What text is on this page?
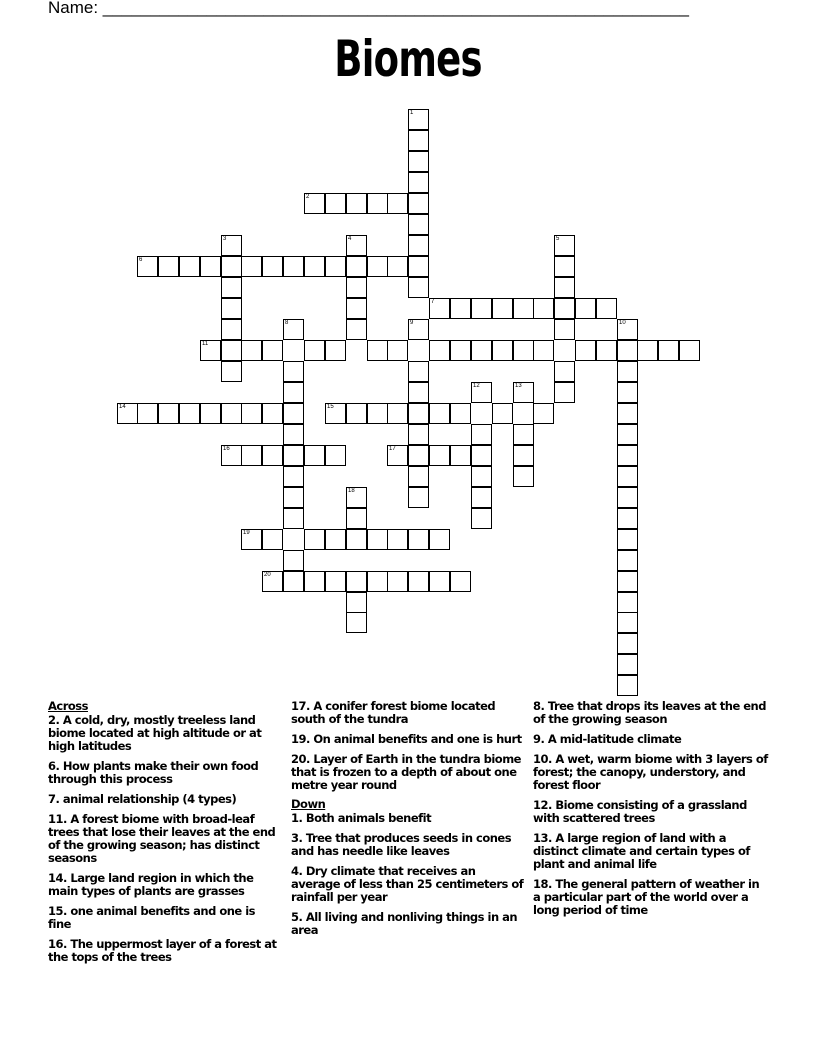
Name: ______________________________________________________________
Biomes
1
2
3	4	5
6
7
8	9	10
11
12	13
14	15
16	17
18
19
20
Across
2. A cold, dry, mostly treeless land biome located at high altitude or at high latitudes
6. How plants make their own food through this process
7. animal relationship (4 types)
11. A forest biome with broad-leaf trees that lose their leaves at the end of the growing season; has distinct seasons
14. Large land region in which the main types of plants are grasses
15. one animal benefits and one is fine
16. The uppermost layer of a forest at the tops of the trees
17. A conifer forest biome located south of the tundra
19. On animal benefits and one is hurt
20. Layer of Earth in the tundra biome that is frozen to a depth of about one metre year round
Down
1. Both animals benefit
3. Tree that produces seeds in cones and has needle like leaves
4. Dry climate that receives an average of less than 25 centimeters of rainfall per year
5. All living and nonliving things in an area
8. Tree that drops its leaves at the end of the growing season
9. A mid-latitude climate
10. A wet, warm biome with 3 layers of forest; the canopy, understory, and forest floor
12. Biome consisting of a grassland with scattered trees
13. A large region of land with a distinct climate and certain types of plant and animal life
18. The general pattern of weather in a particular part of the world over a long period of time
